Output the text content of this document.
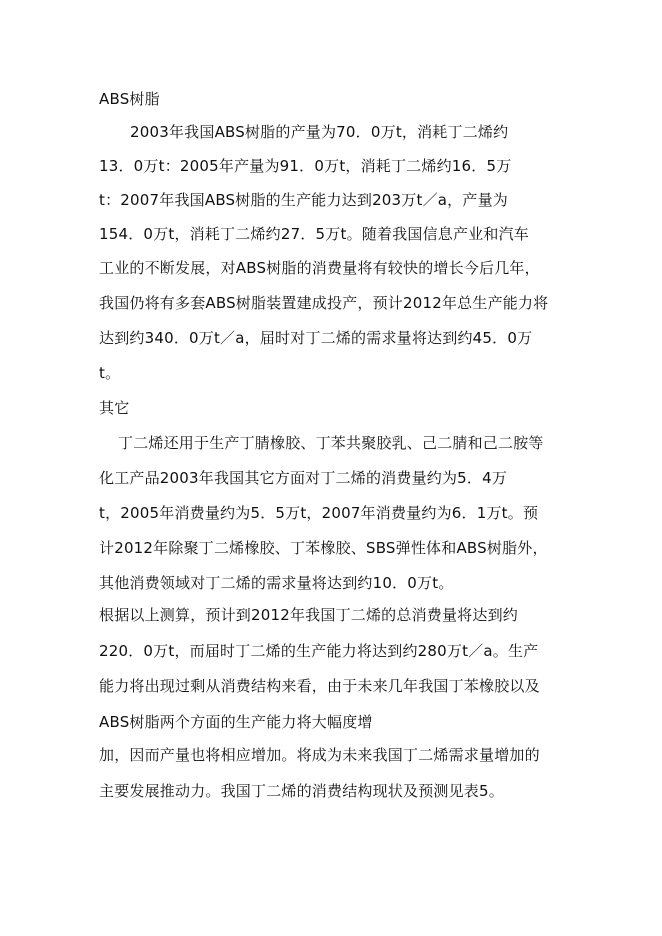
ABS树脂
2003年我国ABS树脂的产量为70．0万t，消耗丁二烯约
13．0万t：2005年产量为91．0万t，消耗丁二烯约16．5万
t：2007年我国ABS树脂的生产能力达到203万t／a，产量为
154．0万t，消耗丁二烯约27．5万t。随着我国信息产业和汽车
工业的不断发展，对ABS树脂的消费量将有较快的增长今后几年，
我国仍将有多套ABS树脂装置建成投产，预计2012年总生产能力将
达到约340．0万t／a，届时对丁二烯的需求量将达到约45．0万
t。
其它
丁二烯还用于生产丁腈橡胶、丁苯共聚胶乳、己二腈和己二胺等
化工产品2003年我国其它方面对丁二烯的消费量约为5．4万
t，2005年消费量约为5．5万t，2007年消费量约为6．1万t。预
计2012年除聚丁二烯橡胶、丁苯橡胶、SBS弹性体和ABS树脂外，
其他消费领域对丁二烯的需求量将达到约10．0万t。
根据以上测算，预计到2012年我国丁二烯的总消费量将达到约
220．0万t，而届时丁二烯的生产能力将达到约280万t／a。生产
能力将出现过剩从消费结构来看，由于未来几年我国丁苯橡胶以及
ABS树脂两个方面的生产能力将大幅度增
加，因而产量也将相应增加。将成为未来我国丁二烯需求量增加的
主要发展推动力。我国丁二烯的消费结构现状及预测见表5。
